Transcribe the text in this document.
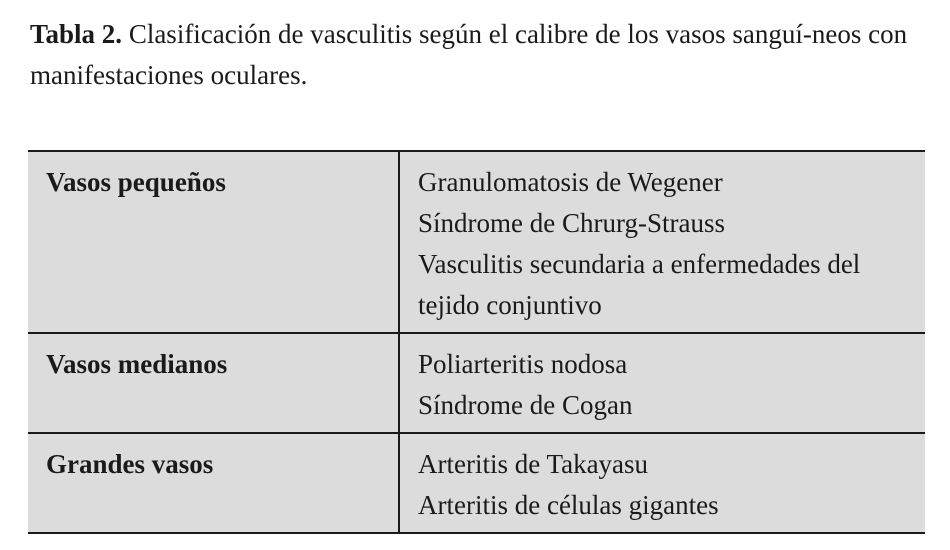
Tabla 2. Clasificación de vasculitis según el calibre de los vasos sanguí-neos con manifestaciones oculares.

Vasos pequeños	Granulomatosis de Wegener
Síndrome de Chrurg-Strauss
Vasculitis secundaria a enfermedades del tejido conjuntivo

Vasos medianos	Poliarteritis nodosa
Síndrome de Cogan

Grandes vasos	Arteritis de Takayasu
Arteritis de células gigantes
